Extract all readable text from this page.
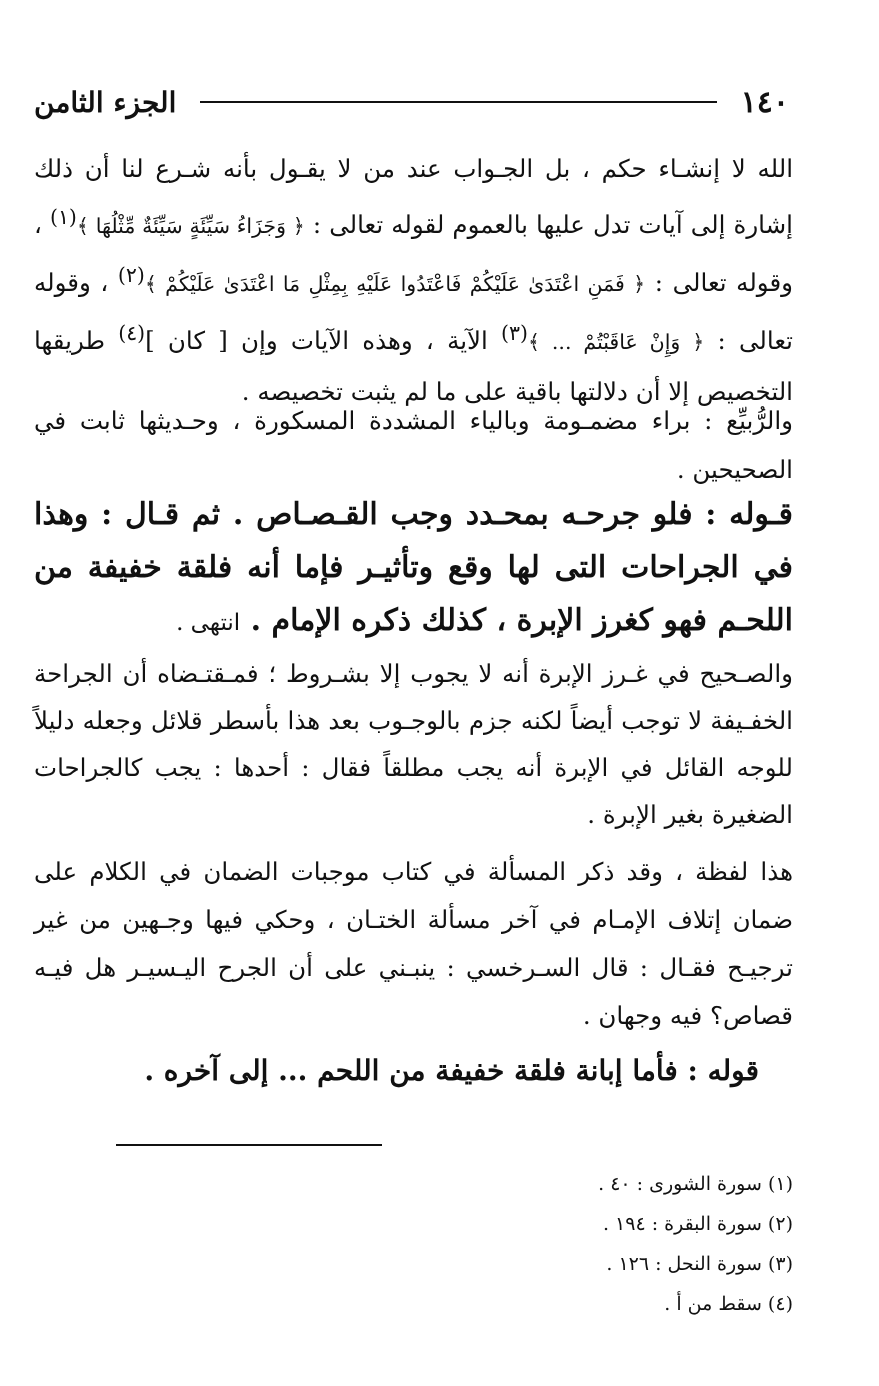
١٤٠
الجزء الثامن
الله لا إنشـاء حكم ، بل الجـواب عند من لا يقـول بأنه شـرع لنا أن ذلك إشارة إلى آيات تدل عليها بالعموم لقوله تعالى : ﴿ وَجَزَاءُ سَيِّئَةٍ سَيِّئَةٌ مِّثْلُهَا ﴾$^{(١)}$ ، وقوله تعالى : ﴿ فَمَنِ اعْتَدَىٰ عَلَيْكُمْ فَاعْتَدُوا عَلَيْهِ بِمِثْلِ مَا اعْتَدَىٰ عَلَيْكُمْ ﴾$^{(٢)}$ ، وقوله تعالى : ﴿ وَإِنْ عَاقَبْتُمْ ... ﴾$^{(٣)}$ الآية ، وهذه الآيات وإن [ كان ]$^{(٤)}$ طريقها التخصيص إلا أن دلالتها باقية على ما لم يثبت تخصيصه .
والرُّبيِّع : براء مضمـومة وبالياء المشددة المسكورة ، وحـديثها ثابت في الصحيحين .
قـوله : فلو جرحـه بمحـدد وجب القـصـاص . ثم قـال : وهذا في الجراحات التى لها وقع وتأثيـر فإما أنه فلقة خفيفة من اللحـم فهو كغرز الإبرة ، كذلك ذكره الإمام . انتهى .
والصـحيح في غـرز الإبرة أنه لا يجوب إلا بشـروط ؛ فمـقتـضاه أن الجراحة الخفـيفة لا توجب أيضاً لكنه جزم بالوجـوب بعد هذا بأسطر قلائل وجعله دليلاً للوجه القائل في الإبرة أنه يجب مطلقاً فقال : أحدها : يجب كالجراحات الضغيرة بغير الإبرة .
هذا لفظة ، وقد ذكر المسألة في كتاب موجبات الضمان في الكلام على ضمان إتلاف الإمـام في آخر مسألة الختـان ، وحكي فيها وجـهين من غير ترجيـح فقـال : قال السـرخسي : ينبـني على أن الجرح اليـسيـر هل فيـه قصاص؟ فيه وجهان .
قوله : فأما إبانة فلقة خفيفة من اللحم ... إلى آخره .
(١) سورة الشورى : ٤٠ .
(٢) سورة البقرة : ١٩٤ .
(٣) سورة النحل : ١٢٦ .
(٤) سقط من أ .
